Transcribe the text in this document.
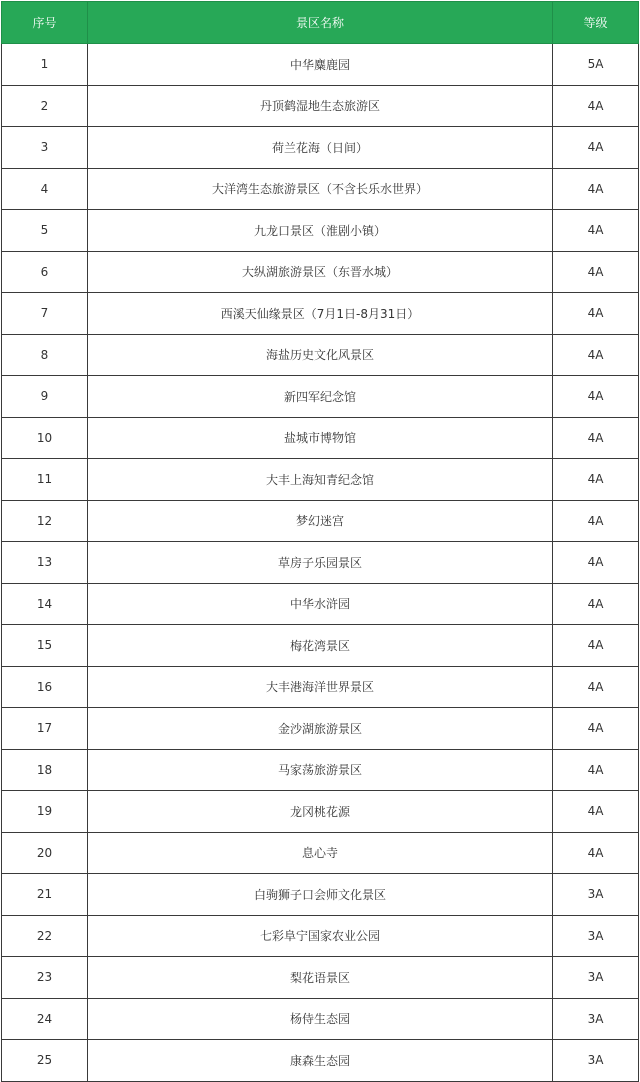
序号	景区名称	等级
1	中华麋鹿园	5A
2	丹顶鹤湿地生态旅游区	4A
3	荷兰花海（日间）	4A
4	大洋湾生态旅游景区（不含长乐水世界）	4A
5	九龙口景区（淮剧小镇）	4A
6	大纵湖旅游景区（东晋水城）	4A
7	西溪天仙缘景区（7月1日-8月31日）	4A
8	海盐历史文化风景区	4A
9	新四军纪念馆	4A
10	盐城市博物馆	4A
11	大丰上海知青纪念馆	4A
12	梦幻迷宫	4A
13	草房子乐园景区	4A
14	中华水浒园	4A
15	梅花湾景区	4A
16	大丰港海洋世界景区	4A
17	金沙湖旅游景区	4A
18	马家荡旅游景区	4A
19	龙冈桃花源	4A
20	息心寺	4A
21	白驹狮子口会师文化景区	3A
22	七彩阜宁国家农业公园	3A
23	梨花语景区	3A
24	杨侍生态园	3A
25	康森生态园	3A
